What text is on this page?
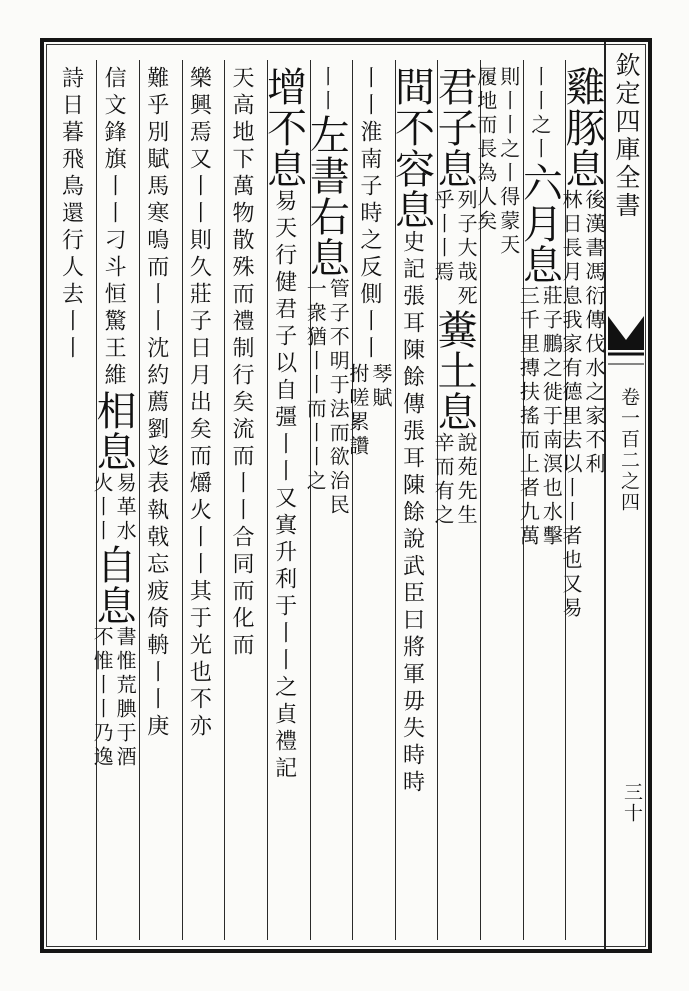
欽定四庫全書
卷一百二之四
三十
雞豚息
後漢書馮衍傳伐水之家不利
林日長月息我家有德里去以丨丨者也又易
丨丨之丨
六月息
莊子鵬之徙于南溟也水擊
三千里摶扶搖而上者九萬
則丨丨之丨得蒙天
履地而長為人矣
君子息
列子大哉死
乎丨丨焉
糞土息
說苑先生
辛而有之
間不容息
史記張耳陳餘傳張耳陳餘說武臣曰將軍毋失時時
丨丨淮南子時之反側丨丨
琴賦
拊嗟累讚
丨丨
左書右息
管子不明于法而欲治民
一衆猶丨丨而丨丨之
增不息
易天行健君子以自彊丨丨又寘升利于丨丨之貞禮記
天高地下萬物散殊而禮制行矣流而丨丨合同而化而
樂興焉又丨丨則久莊子日月出矣而爝火丨丨其于光也不亦
難乎別賦馬寒鳴而丨丨沈約薦劉彣表執戟忘疲倚輈丨丨庚
信文鋒旗丨丨刁斗恒驚王維
相息
易革水
火丨丨
自息
書惟荒腆于酒
不惟丨丨乃逸
詩日暮飛鳥還行人去丨丨
